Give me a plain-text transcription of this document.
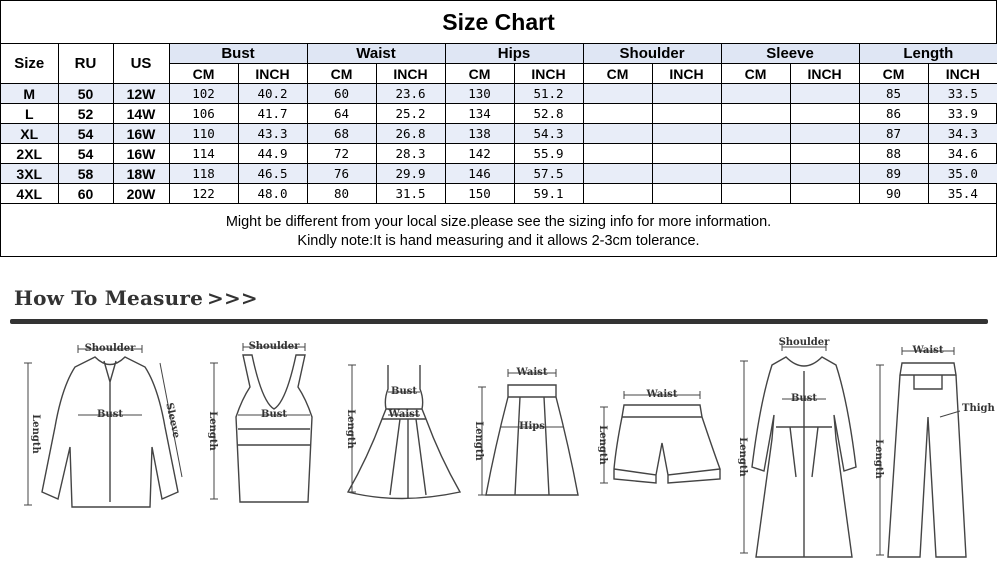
Size Chart
Size	RU	US	Bust		Waist		Hips		Shoulder		Sleeve		Length	
			CM	INCH	CM	INCH	CM	INCH	CM	INCH	CM	INCH	CM	INCH
M	50	12W	102	40.2	60	23.6	130	51.2					85	33.5
L	52	14W	106	41.7	64	25.2	134	52.8					86	33.9
XL	54	16W	110	43.3	68	26.8	138	54.3					87	34.3
2XL	54	16W	114	44.9	72	28.3	142	55.9					88	34.6
3XL	58	18W	118	46.5	76	29.9	146	57.5					89	35.0
4XL	60	20W	122	48.0	80	31.5	150	59.1					90	35.4
Might be different from your local size.please see the sizing info for more information.
Kindly note:It is hand measuring and it allows 2-3cm tolerance.
How To Measure >>>
Shoulder
Length	Bust	Sleeve
Shoulder
Length	Bust	Length
Bust
Waist
Waist
Length	Hips
Waist
Length
Shoulder
Length
Bust
Waist
Length
Thigh
